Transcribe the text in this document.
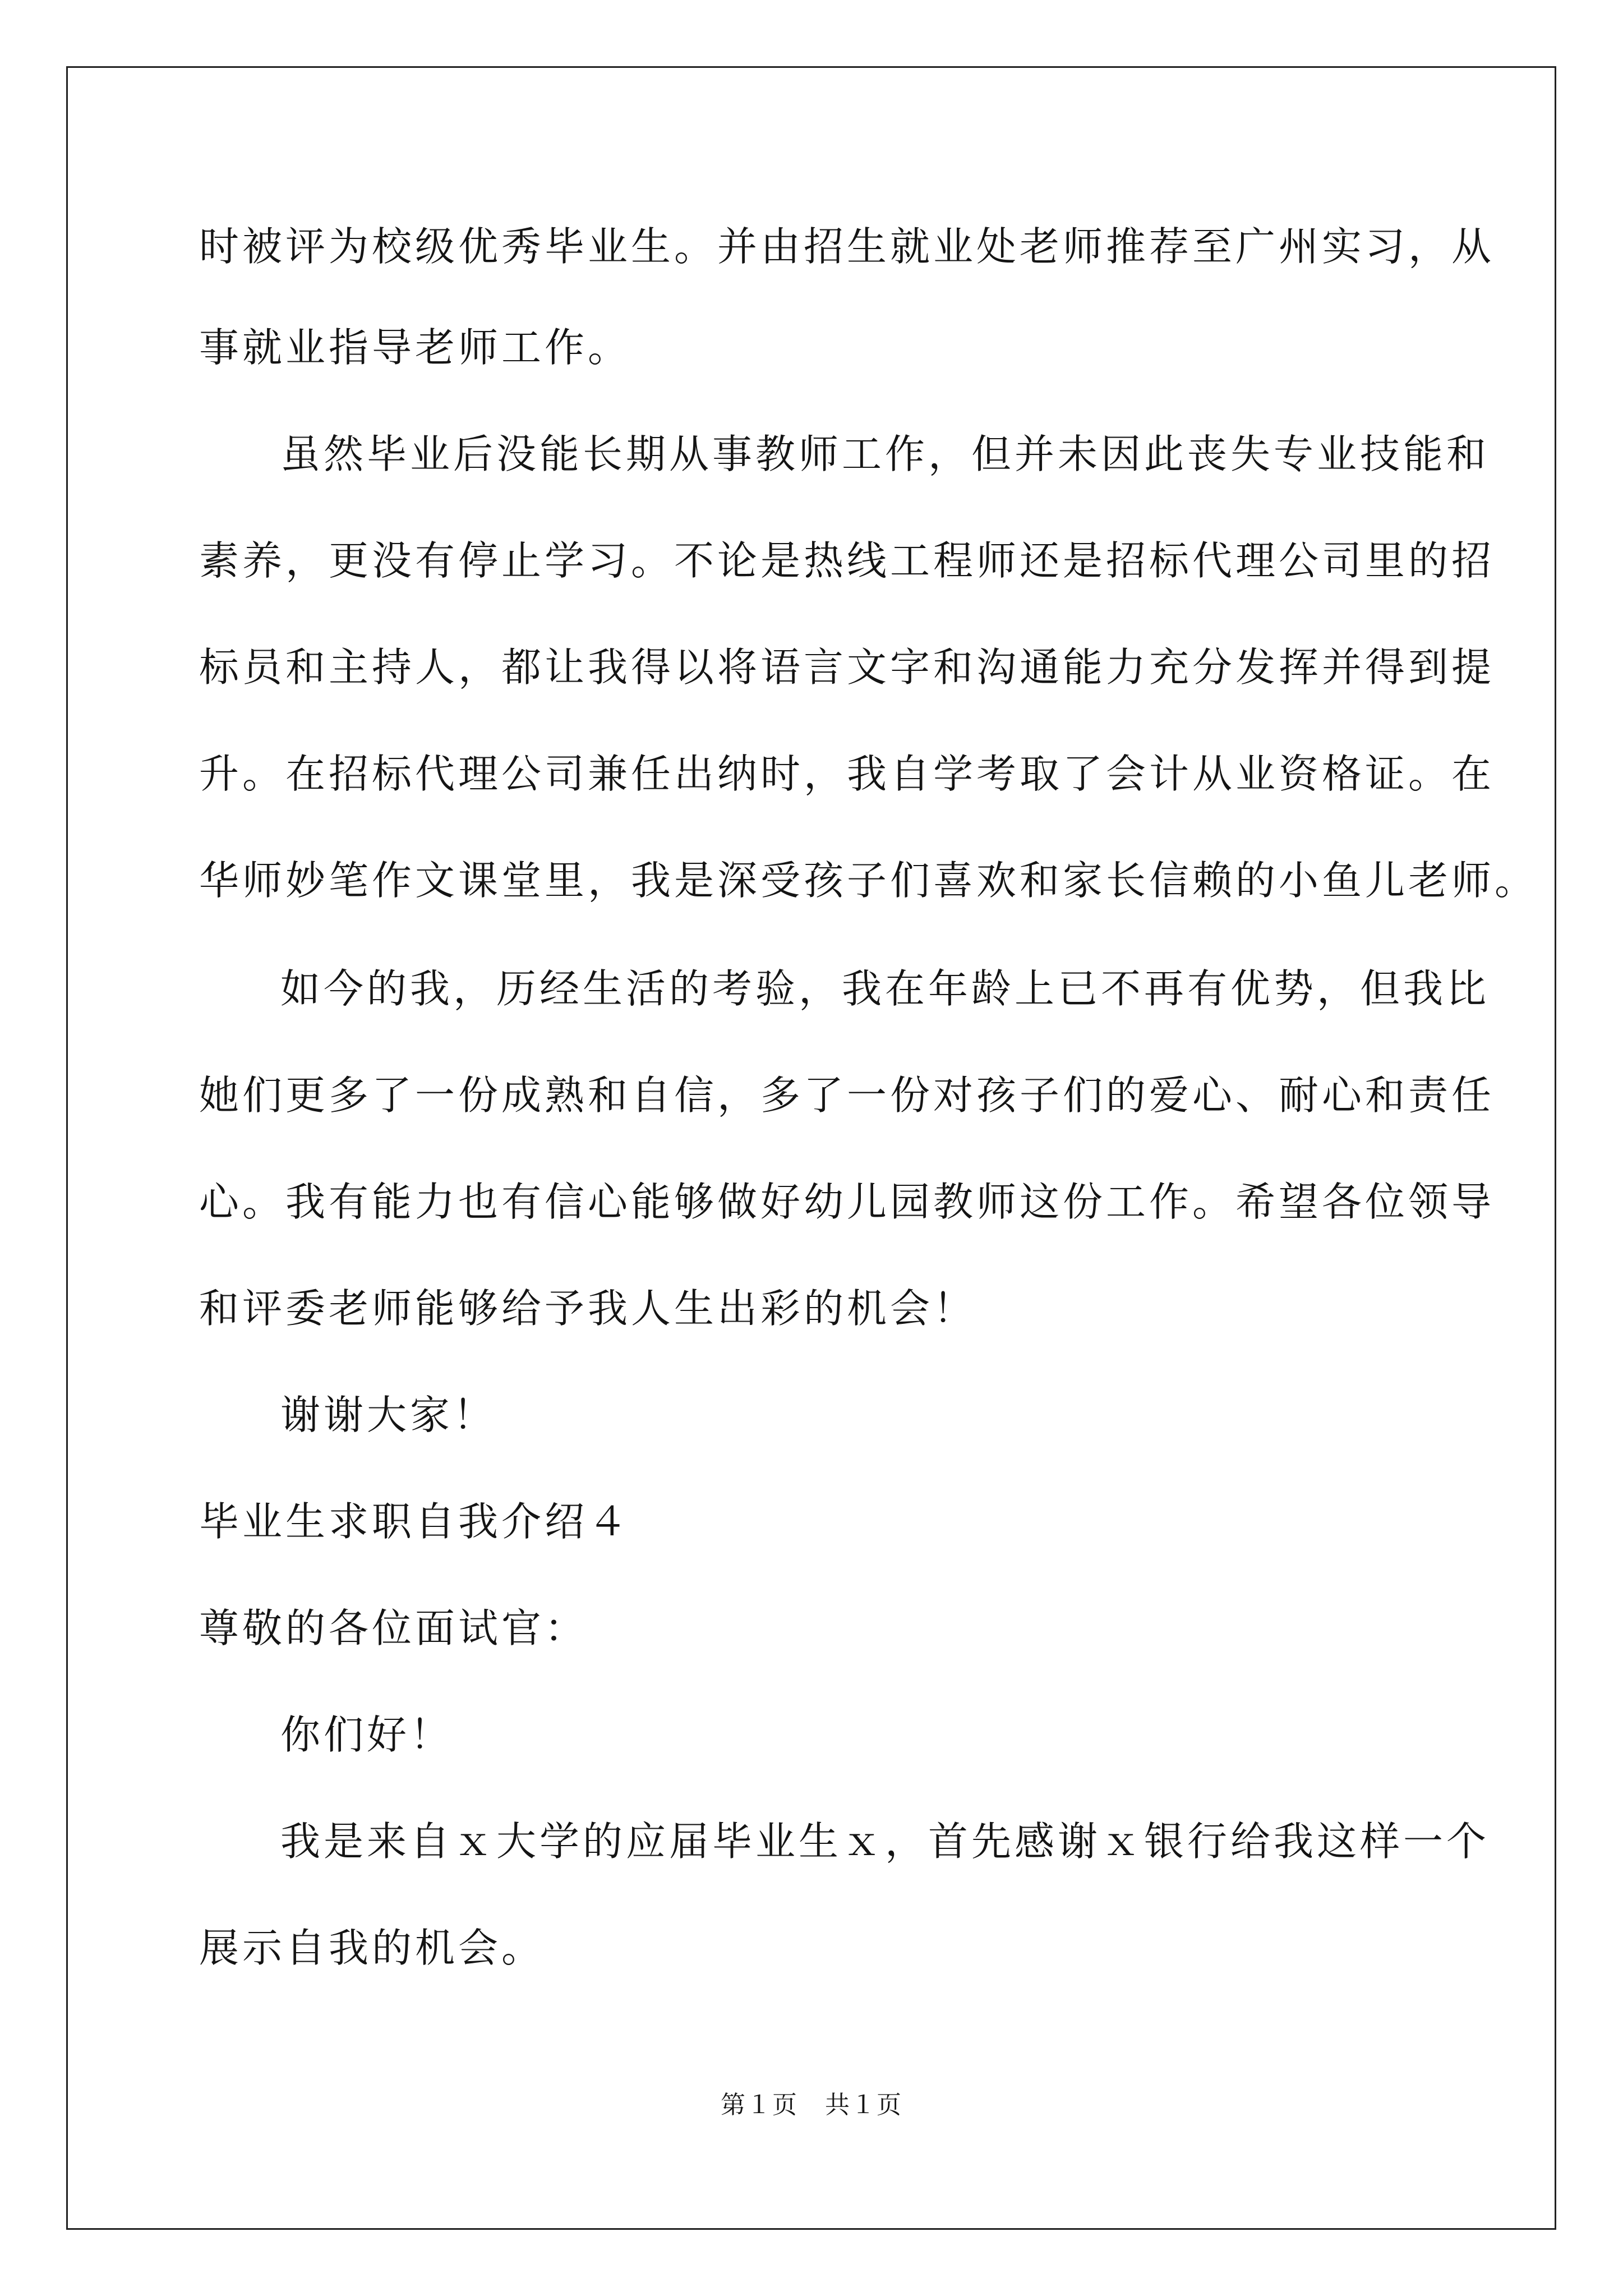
时被评为校级优秀毕业生。并由招生就业处老师推荐至广州实习，从
事就业指导老师工作。
虽然毕业后没能长期从事教师工作，但并未因此丧失专业技能和
素养，更没有停止学习。不论是热线工程师还是招标代理公司里的招
标员和主持人，都让我得以将语言文字和沟通能力充分发挥并得到提
升。在招标代理公司兼任出纳时，我自学考取了会计从业资格证。在
华师妙笔作文课堂里，我是深受孩子们喜欢和家长信赖的小鱼儿老师。
如今的我，历经生活的考验，我在年龄上已不再有优势，但我比
她们更多了一份成熟和自信，多了一份对孩子们的爱心、耐心和责任
心。我有能力也有信心能够做好幼儿园教师这份工作。希望各位领导
和评委老师能够给予我人生出彩的机会！
谢谢大家！
毕业生求职自我介绍４
尊敬的各位面试官：
你们好！
我是来自ｘ大学的应届毕业生ｘ，首先感谢ｘ银行给我这样一个
展示自我的机会。
第１页   共１页
